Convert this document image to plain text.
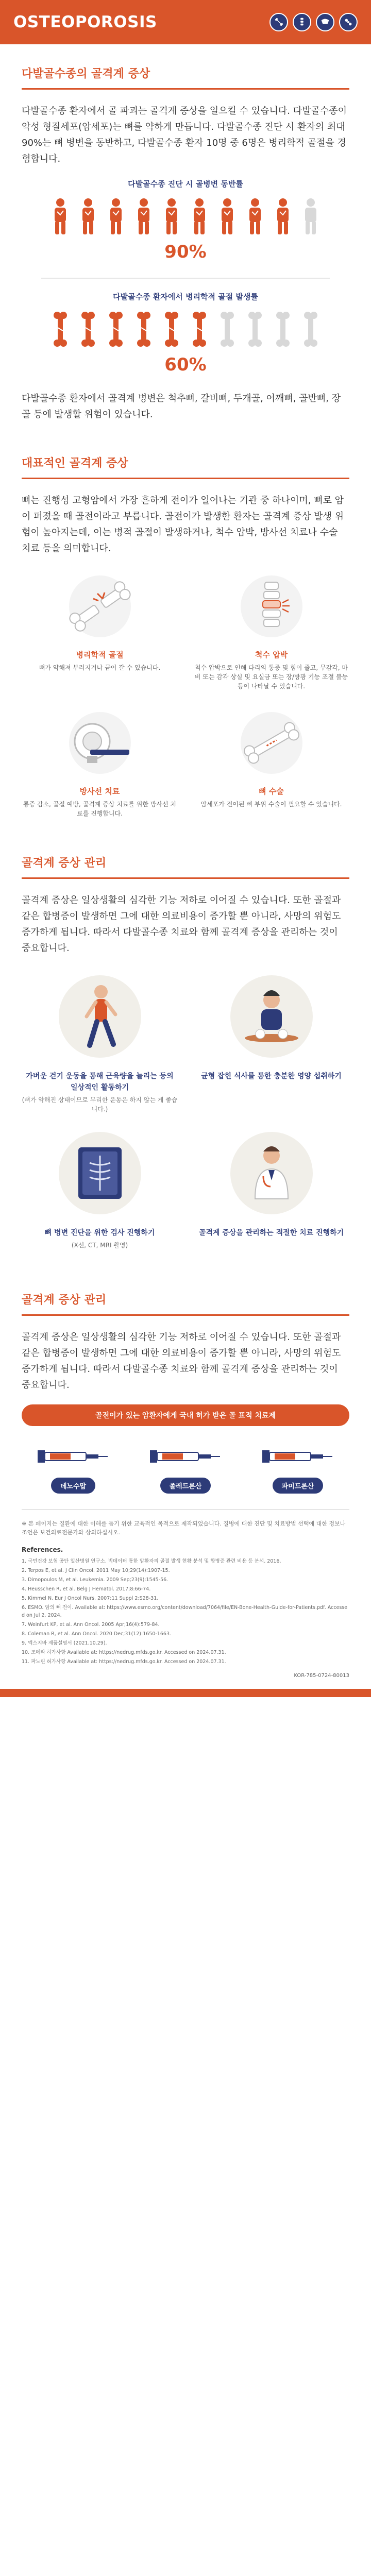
OSTEOPOROSIS
다발골수종의 골격계 증상

다발골수종 환자에서 골 파괴는 골격계 증상을 일으킬 수 있습니다. 다발골수종이 악성 형질세포(암세포)는 뼈를 약하게 만듭니다. 다발골수종 진단 시 환자의 최대 90%는 뼈 병변을 동반하고, 다발골수종 환자 10명 중 6명은 병리학적 골절을 경험합니다.

다발골수종 진단 시 골병변 동반률
90%
다발골수종 환자에서 병리학적 골절 발생률
60%

다발골수종 환자에서 골격계 병변은 척추뼈, 갈비뼈, 두개골, 어깨뼈, 골반뼈, 장골 등에 발생할 위험이 있습니다.

대표적인 골격계 증상

뼈는 진행성 고형암에서 가장 흔하게 전이가 일어나는 기관 중 하나이며, 뼈로 암이 퍼졌을 때 골전이라고 부릅니다. 골전이가 발생한 환자는 골격계 증상 발생 위험이 높아지는데, 이는 병적 골절이 발생하거나, 척수 압박, 방사선 치료나 수술 치료 등을 의미합니다.

병리학적 골절
뼈가 약해져 부러지거나 금이 갈 수 있습니다.
척수 압박
척수 압박으로 인해 다리의 통증 및 힘이 줄고, 무감각, 마비 또는 감각 상실 및 요실금 또는 장/방광 기능 조절 불능 등이 나타날 수 있습니다.
방사선 치료
통증 감소, 골절 예방, 골격계 증상 치료를 위한 방사선 치료를 진행합니다.
뼈 수술
암세포가 전이된 뼈 부위 수술이 필요할 수 있습니다.
골격계 증상 관리

골격계 증상은 일상생활의 심각한 기능 저하로 이어질 수 있습니다. 또한 골절과 같은 합병증이 발생하면 그에 대한 의료비용이 증가할 뿐 아니라, 사망의 위험도 증가하게 됩니다. 따라서 다발골수종 치료와 함께 골격계 증상을 관리하는 것이 중요합니다.

가벼운 걷기 운동을 통해 근육량을 늘리는 등의 일상적인 활동하기
(뼈가 약해진 상태이므로 무리한 운동은 하지 않는 게 좋습니다.)
균형 잡힌 식사를 통한 충분한 영양 섭취하기
뼈 병변 진단을 위한 검사 진행하기
(X선, CT, MRI 촬영)
골격계 증상을 관리하는 적절한 치료 진행하기
골격계 증상 관리

골격계 증상은 일상생활의 심각한 기능 저하로 이어질 수 있습니다. 또한 골절과 같은 합병증이 발생하면 그에 대한 의료비용이 증가할 뿐 아니라, 사망의 위험도 증가하게 됩니다. 따라서 다발골수종 치료와 함께 골격계 증상을 관리하는 것이 중요합니다.

골전이가 있는 암환자에게 국내 허가 받은 골 표적 치료제
데노수맙	졸레드론산	파미드론산
※ 본 페이지는 질환에 대한 이해를 돕기 위한 교육적인 목적으로 제작되었습니다. 질병에 대한 진단 및 치료방법 선택에 대한 정보나 조언은 보건의료전문가와 상의하십시오.
References.
1. 국민건강 보험 공단 일산병원 연구소. 빅데이터 통한 암환자의 골절 발생 현황 분석 및 합병증 관련 비용 등 분석. 2016.
2. Terpos E, et al. J Clin Oncol. 2011 May 10;29(14):1907-15.
3. Dimopoulos M, et al. Leukemia. 2009 Sep;23(9):1545-56.
4. Heusschen R, et al. Belg J Hematol. 2017;8:66-74.
5. Kimmel N. Eur J Oncol Nurs. 2007;11 Suppl 2:S28-31.
6. ESMO. 암의 뼈 전이. Available at: https://www.esmo.org/content/download/7064/file/EN-Bone-Health-Guide-for-Patients.pdf. Accessed on Jul 2, 2024.
7. Weinfurt KP, et al. Ann Oncol. 2005 Apr;16(4):579-84.
8. Coleman R, et al. Ann Oncol. 2020 Dec;31(12):1650-1663.
9. 엑스지바 제품설명서 (2021.10.29).
10. 조메타 허가사항 Available at: https://nedrug.mfds.go.kr. Accessed on 2024.07.31.
11. 파노린 허가사항 Available at: https://nedrug.mfds.go.kr. Accessed on 2024.07.31.
KOR-785-0724-80013
